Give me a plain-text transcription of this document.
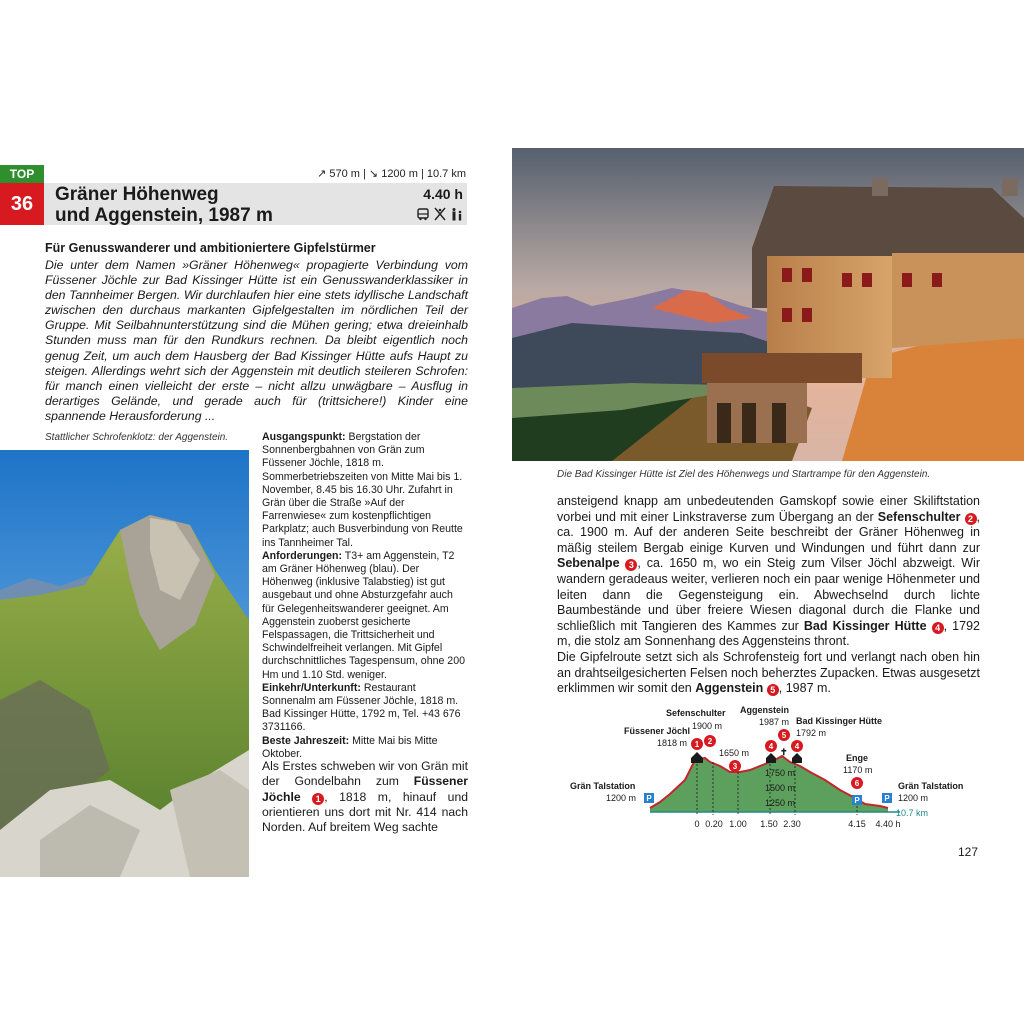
TOP
36
↗ 570 m | ↘ 1200 m | 10.7 km
Gräner Höhenweg
und Aggenstein, 1987 m
4.40 h
Für Genusswanderer und ambitioniertere Gipfelstürmer
Die unter dem Namen »Gräner Höhenweg« propagierte Verbindung vom Füssener Jöchle zur Bad Kissinger Hütte ist ein Genusswanderklassiker in den Tannheimer Bergen. Wir durchlaufen hier eine stets idyllische Landschaft zwischen den durchaus markanten Gipfelgestalten im nördlichen Teil der Gruppe. Mit Seilbahnunterstützung sind die Mühen gering; etwa dreieinhalb Stunden muss man für den Rundkurs rechnen. Da bleibt eigentlich noch genug Zeit, um auch dem Hausberg der Bad Kissinger Hütte aufs Haupt zu steigen. Allerdings wehrt sich der Aggenstein mit deutlich steileren Schrofen: für manch einen vielleicht der erste – nicht allzu unwägbare – Ausflug in derartiges Gelände, und gerade auch für (trittsichere!) Kinder eine spannende Herausforderung ...
Stattlicher Schrofenklotz: der Aggenstein.	Ausgangspunkt: Bergstation der Sonnenbergbahnen von Grän zum Füssener Jöchle, 1818 m. Sommerbetriebszeiten von Mitte Mai bis 1. November, 8.45 bis 16.30 Uhr. Zufahrt in Grän über die Straße »Auf der Farrenwiese« zum kostenpflichtigen Parkplatz; auch Busverbindung von Reutte ins Tannheimer Tal.
Anforderungen: T3+ am Aggenstein, T2 am Gräner Höhenweg (blau). Der Höhenweg (inklusive Talabstieg) ist gut ausgebaut und ohne Absturzgefahr auch für Gelegenheitswanderer geeignet. Am Aggenstein zuoberst gesicherte Felspassagen, die Trittsicherheit und Schwindelfreiheit verlangen. Mit Gipfel durchschnittliches Tagespensum, ohne 200 Hm und 1.10 Std. weniger.
Einkehr/Unterkunft: Restaurant Sonnenalm am Füssener Jöchle, 1818 m. Bad Kissinger Hütte, 1792 m, Tel. +43 676 3731166.
Beste Jahreszeit: Mitte Mai bis Mitte Oktober.
Als Erstes schweben wir von Grän mit der Gondelbahn zum Füssener Jöchle 1 , 1818 m, hinauf und orientieren uns dort mit Nr. 414 nach Norden. Auf breitem Weg sachte
Die Bad Kissinger Hütte ist Ziel des Höhenwegs und Startrampe für den Aggenstein.
ansteigend knapp am unbedeutenden Gamskopf sowie einer Skiliftstation vorbei und mit einer Linkstraverse zum Übergang an der Sefenschulter 2 , ca. 1900 m. Auf der anderen Seite beschreibt der Gräner Höhenweg in mäßig steilem Bergab einige Kurven und Windungen und führt dann zur Sebenalpe 3 , ca. 1650 m, wo ein Steig zum Vilser Jöchl abzweigt. Wir wandern geradeaus weiter, verlieren noch ein paar wenige Höhenmeter und leiten dann die Gegensteigung ein. Abwechselnd durch lichte Baumbestände und über freiere Wiesen diagonal durch die Flanke und schließlich mit Tangieren des Kammes zur Bad Kissinger Hütte 4 , 1792 m, die stolz am Sonnenhang des Aggensteins thront.
Die Gipfelroute setzt sich als Schrofensteig fort und verlangt nach oben hin an drahtseilgesicherten Felsen noch beherztes Zupacken. Etwas ausgesetzt erklimmen wir somit den Aggenstein 5 , 1987 m.
1750 m
1500 m
1250 m
✝
1 2
3
4
5
4
6
Sefenschulter
1900 m
Aggenstein
1987 m
Füssener Jöchl
1818 m
Bad Kissinger Hütte
1792 m
1650 m	Enge
1170 m
Grän Talstation
1200 m
Grän Talstation
1200 m
P	P	P
10.7 km
0 0.20 1.00 1.50 2.30	4.15 4.40 h
127
